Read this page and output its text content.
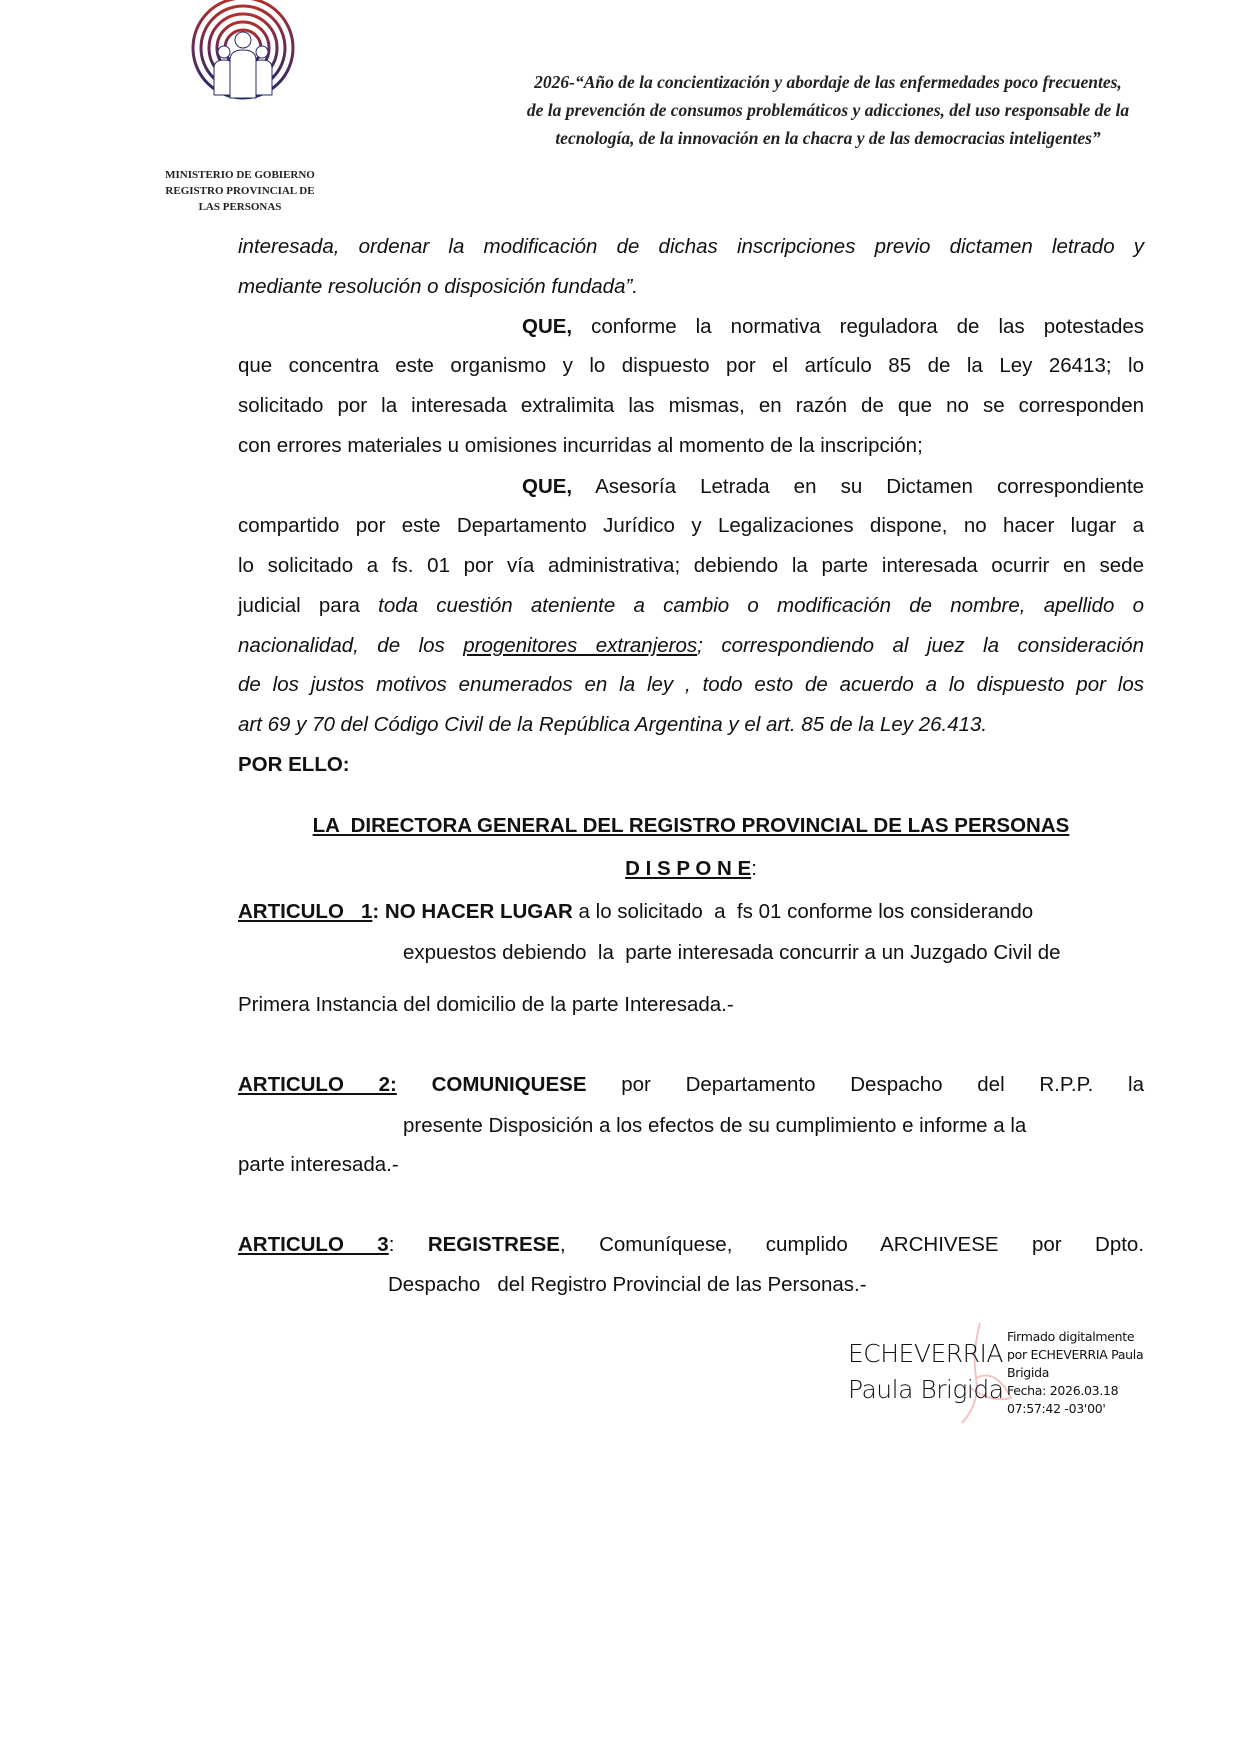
2026-“Año de la concientización y abordaje de las enfermedades poco frecuentes,
de la prevención de consumos problemáticos y adicciones, del uso responsable de la
tecnología, de la innovación en la chacra y de las democracias inteligentes”
MINISTERIO DE GOBIERNO
REGISTRO PROVINCIAL DE
LAS PERSONAS
interesada, ordenar la modificación de dichas inscripciones previo dictamen letrado y
mediante resolución o disposición fundada”.
QUE, conforme la normativa reguladora de las potestades
que concentra este organismo y lo dispuesto por el artículo 85 de la Ley 26413; lo
solicitado por la interesada extralimita las mismas, en razón de que no se corresponden
con errores materiales u omisiones incurridas al momento de la inscripción;
QUE, Asesoría Letrada en su Dictamen correspondiente
compartido por este Departamento Jurídico y Legalizaciones dispone, no hacer lugar a
lo solicitado a fs. 01 por vía administrativa; debiendo la parte interesada ocurrir en sede
judicial para toda cuestión ateniente a cambio o modificación de nombre, apellido o
nacionalidad, de los progenitores extranjeros; correspondiendo al juez la consideración
de los justos motivos enumerados en la ley , todo esto de acuerdo a lo dispuesto por los
art 69 y 70 del Código Civil de la República Argentina y el art. 85 de la Ley 26.413.
POR ELLO:
LA  DIRECTORA GENERAL DEL REGISTRO PROVINCIAL DE LAS PERSONAS
D I S P O N E:
ARTICULO   1: NO HACER LUGAR a lo solicitado  a  fs 01 conforme los considerando
expuestos debiendo  la  parte interesada concurrir a un Juzgado Civil de
Primera Instancia del domicilio de la parte Interesada.-
ARTICULO 2: COMUNIQUESE por Departamento Despacho del R.P.P. la
presente Disposición a los efectos de su cumplimiento e informe a la
parte interesada.-
ARTICULO 3: REGISTRESE, Comuníquese, cumplido ARCHIVESE por Dpto.
Despacho   del Registro Provincial de las Personas.-
ECHEVERRIA
Paula Brigida
Firmado digitalmente
por ECHEVERRIA Paula
Brigida
Fecha: 2026.03.18
07:57:42 -03'00'
